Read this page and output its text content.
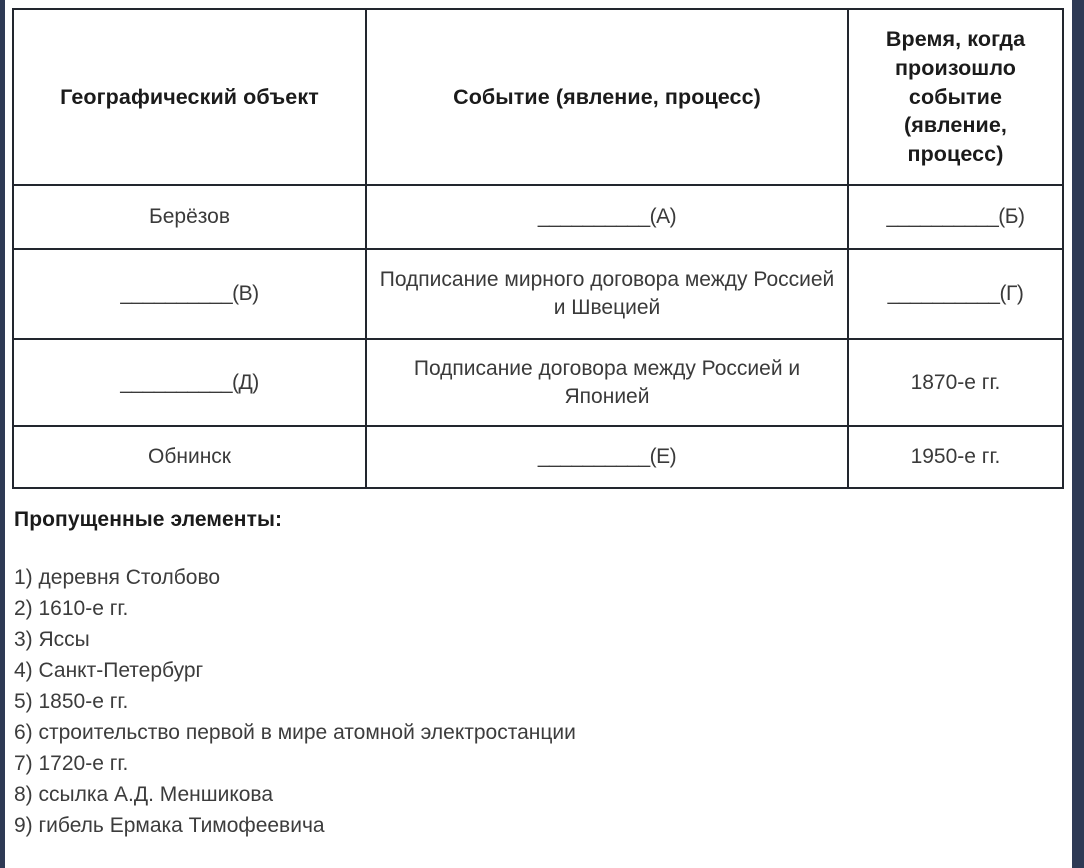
Географический объект	Событие (явление, процесс)	Время, когда произошло событие (явление, процесс)
Берёзов	__________(А)	__________(Б)
__________(В)	Подписание мирного договора между Россией и Швецией	__________(Г)
__________(Д)	Подписание договора между Россией и Японией	1870-е гг.
Обнинск	__________(Е)	1950-е гг.
Пропущенные элементы:
1) деревня Столбово
2) 1610-е гг.
3) Яссы
4) Санкт-Петербург
5) 1850-е гг.
6) строительство первой в мире атомной электростанции
7) 1720-е гг.
8) ссылка А.Д. Меншикова
9) гибель Ермака Тимофеевича
